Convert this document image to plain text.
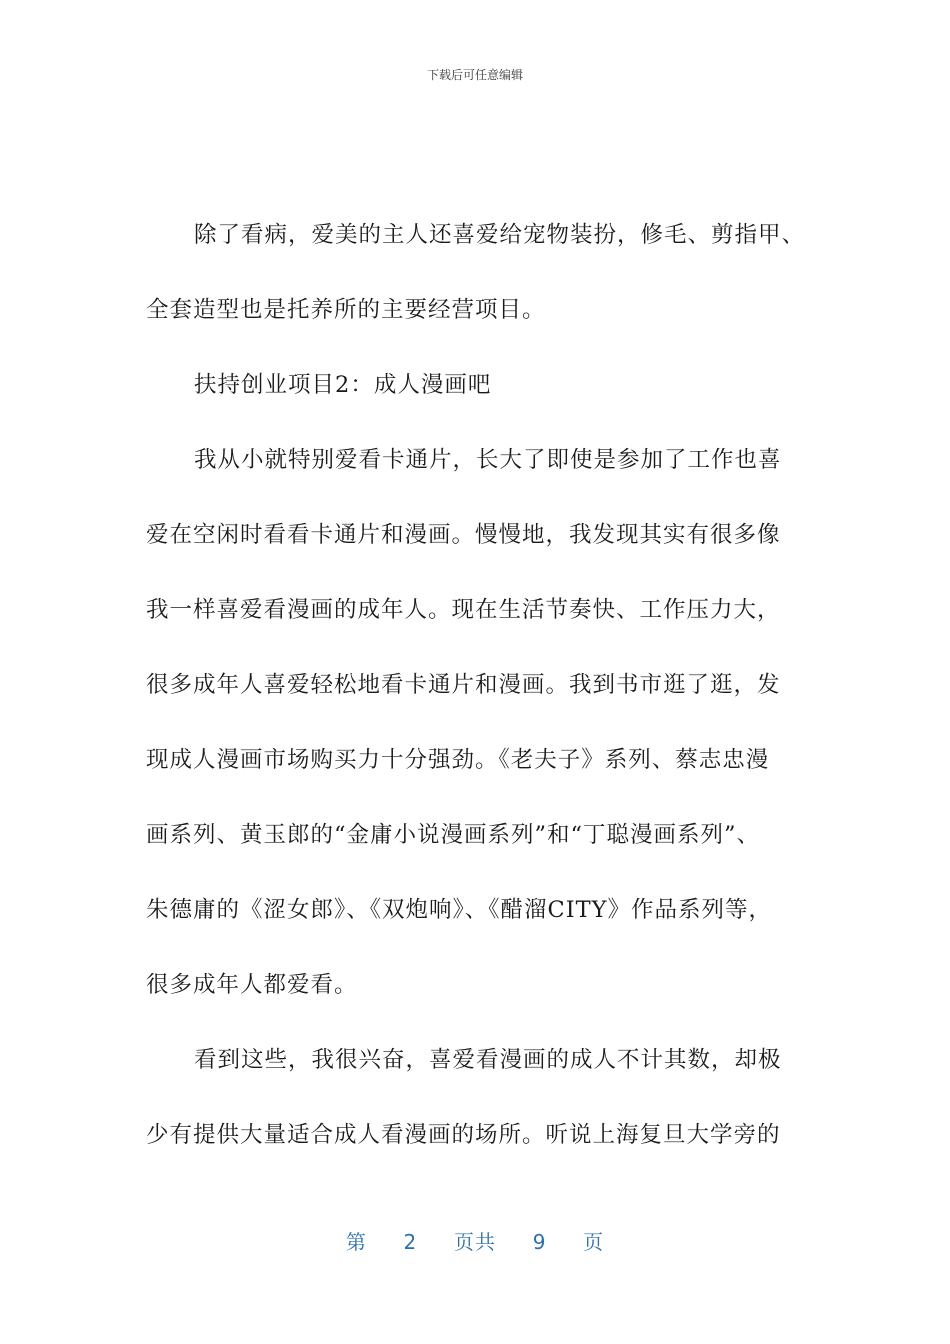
下载后可任意编辑

除了看病，爱美的主人还喜爱给宠物装扮，修毛、剪指甲、

全套造型也是托养所的主要经营项目。

扶持创业项目2：成人漫画吧

我从小就特别爱看卡通片，长大了即使是参加了工作也喜

爱在空闲时看看卡通片和漫画。慢慢地，我发现其实有很多像

我一样喜爱看漫画的成年人。现在生活节奏快、工作压力大，

很多成年人喜爱轻松地看卡通片和漫画。我到书市逛了逛，发

现成人漫画市场购买力十分强劲。《老夫子》系列、蔡志忠漫

画系列、黄玉郎的“金庸小说漫画系列”和“丁聪漫画系列”、

朱德庸的《涩女郎》、《双炮响》、《醋溜CITY》作品系列等，

很多成年人都爱看。

看到这些，我很兴奋，喜爱看漫画的成人不计其数，却极

少有提供大量适合成人看漫画的场所。听说上海复旦大学旁的

第 2 页共 9 页
